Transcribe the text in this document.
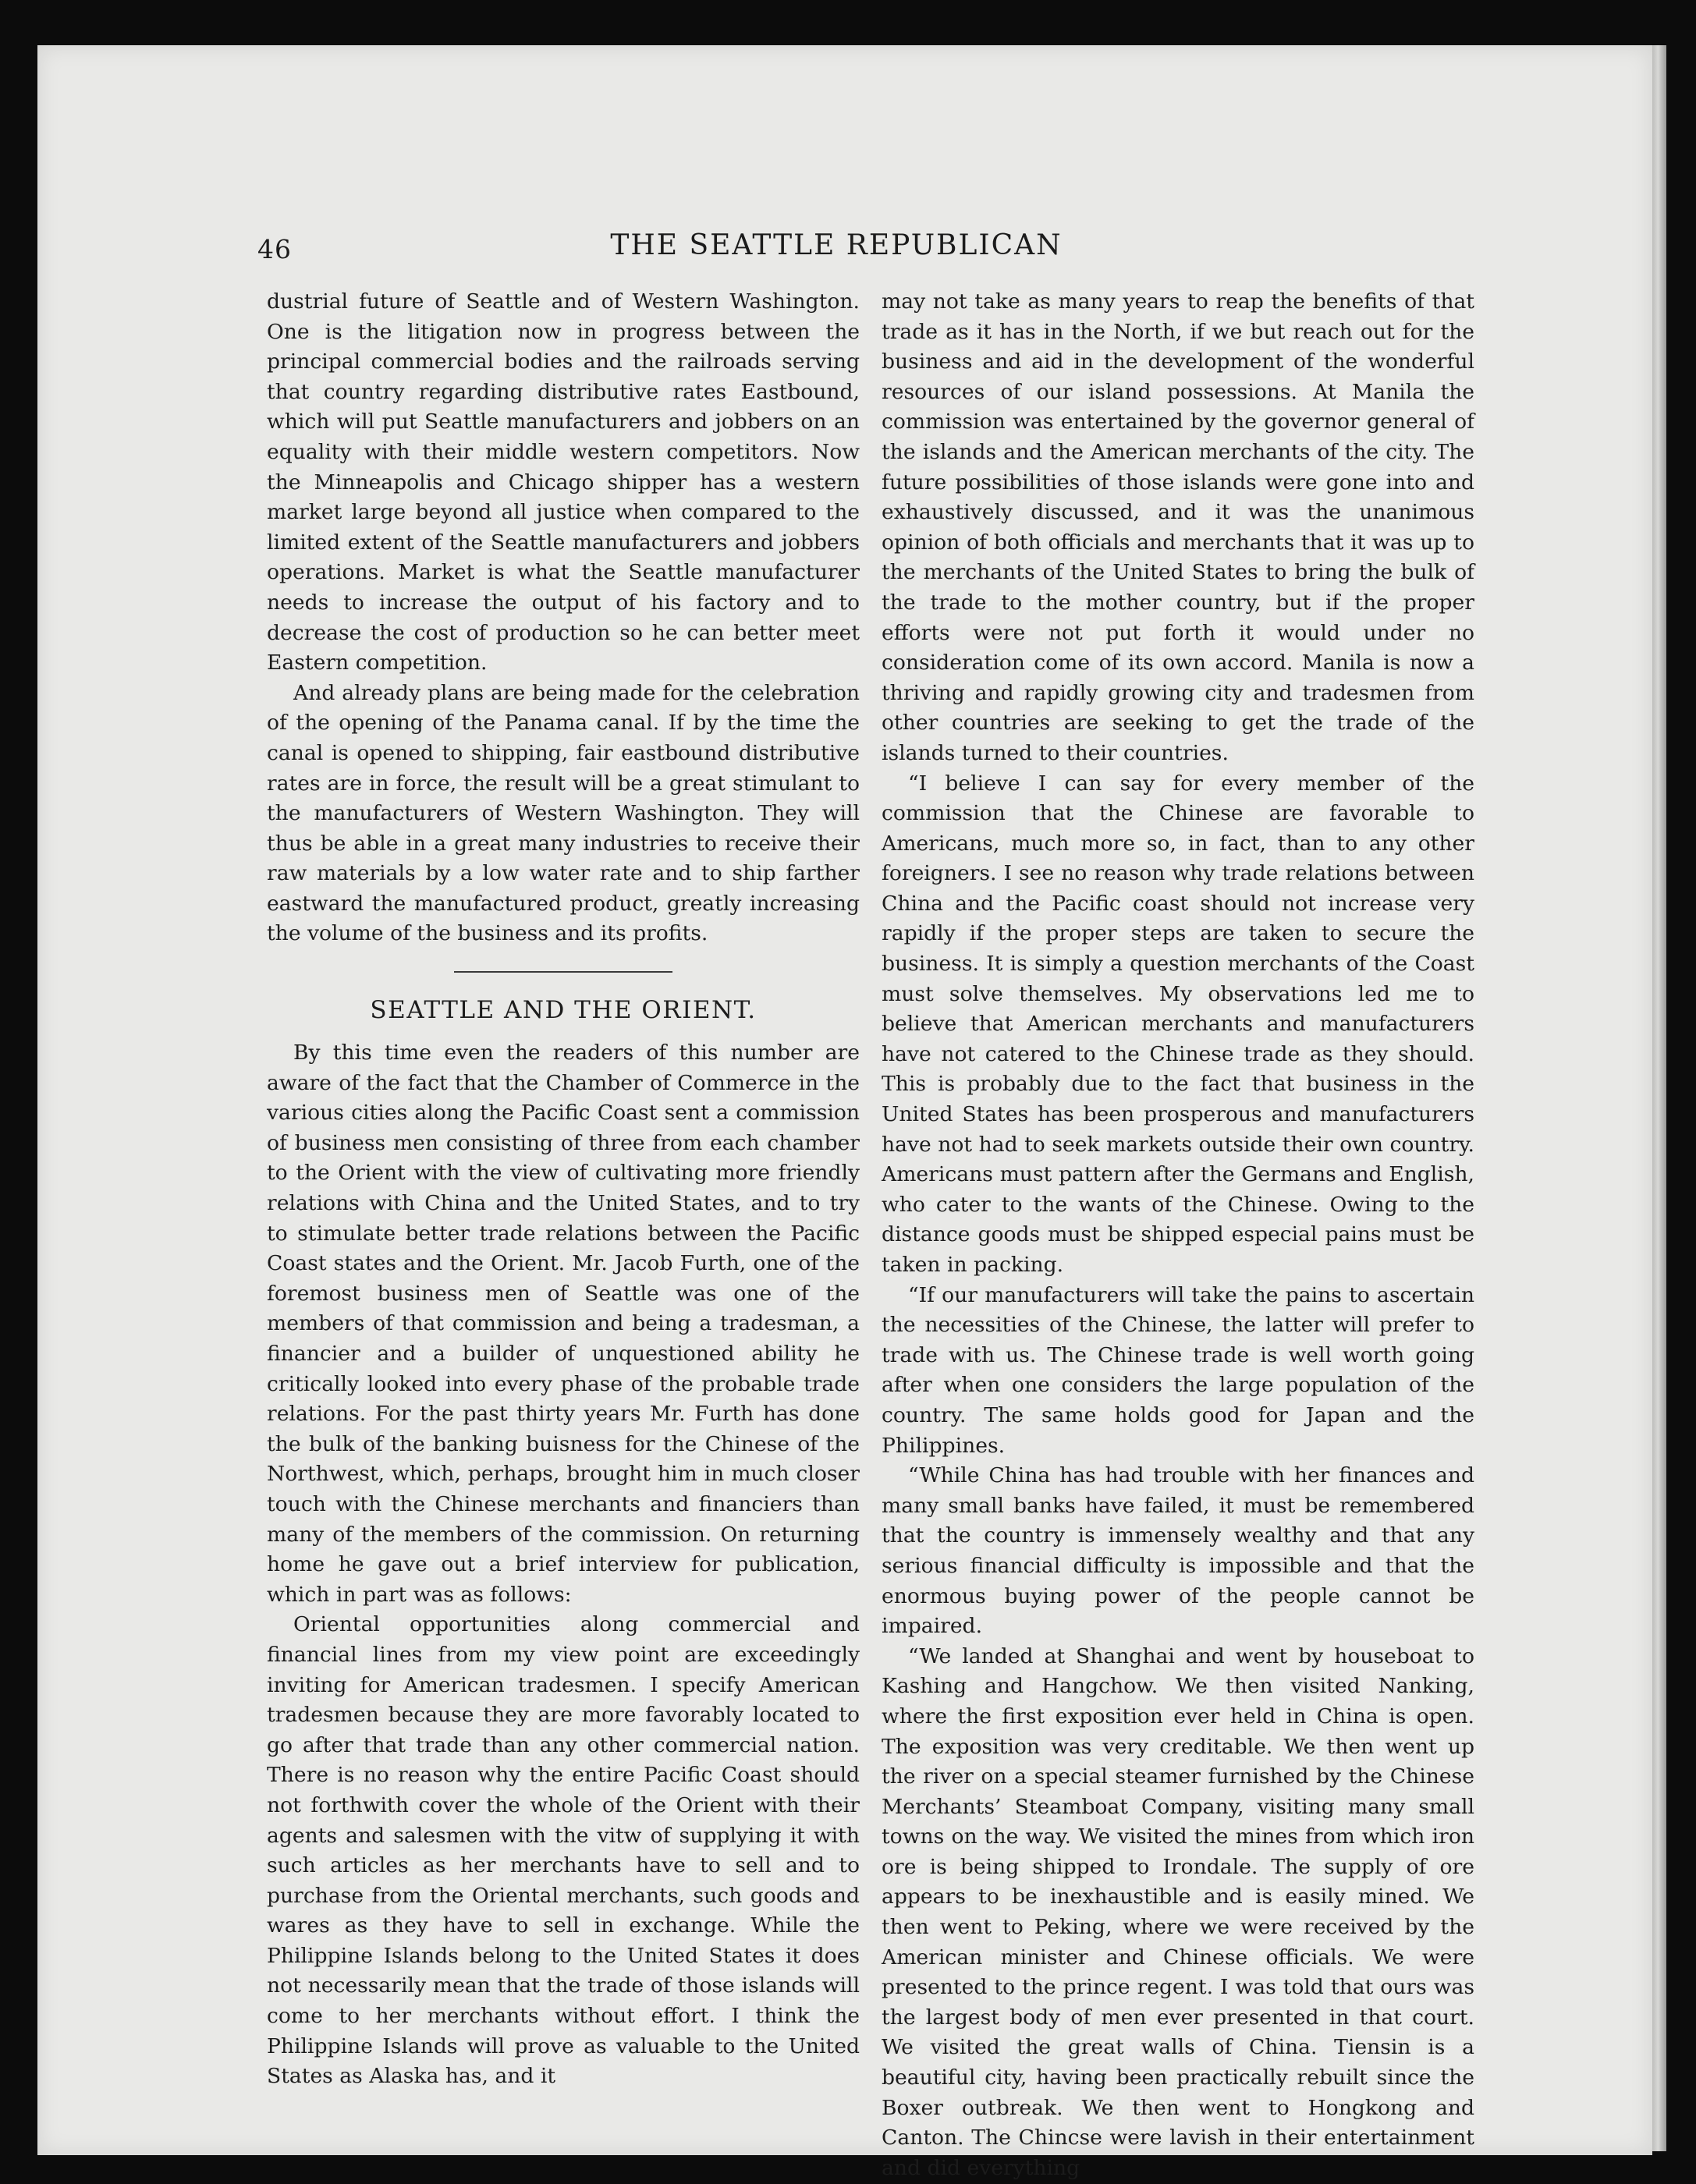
46	THE SEATTLE REPUBLICAN

dustrial future of Seattle and of Western Washington. One is the litigation now in progress between the principal commercial bodies and the railroads serving that country regarding distributive rates Eastbound, which will put Seattle manufacturers and jobbers on an equality with their middle western competitors. Now the Minneapolis and Chicago shipper has a western market large beyond all justice when compared to the limited extent of the Seattle manufacturers and jobbers operations. Market is what the Seattle manufacturer needs to increase the output of his factory and to decrease the cost of production so he can better meet Eastern competition.

And already plans are being made for the celebration of the opening of the Panama canal. If by the time the canal is opened to shipping, fair eastbound distributive rates are in force, the result will be a great stimulant to the manufacturers of Western Washington. They will thus be able in a great many industries to receive their raw materials by a low water rate and to ship farther eastward the manufactured product, greatly increasing the volume of the business and its profits.

SEATTLE AND THE ORIENT.

By this time even the readers of this number are aware of the fact that the Chamber of Commerce in the various cities along the Pacific Coast sent a commission of business men consisting of three from each chamber to the Orient with the view of cultivating more friendly relations with China and the United States, and to try to stimulate better trade relations between the Pacific Coast states and the Orient. Mr. Jacob Furth, one of the foremost business men of Seattle was one of the members of that commission and being a tradesman, a financier and a builder of unquestioned ability he critically looked into every phase of the probable trade relations. For the past thirty years Mr. Furth has done the bulk of the banking buisness for the Chinese of the Northwest, which, perhaps, brought him in much closer touch with the Chinese merchants and financiers than many of the members of the commission. On returning home he gave out a brief interview for publication, which in part was as follows:

Oriental opportunities along commercial and financial lines from my view point are exceedingly inviting for American tradesmen. I specify American tradesmen because they are more favorably located to go after that trade than any other commercial nation. There is no reason why the entire Pacific Coast should not forthwith cover the whole of the Orient with their agents and salesmen with the vitw of supplying it with such articles as her merchants have to sell and to purchase from the Oriental merchants, such goods and wares as they have to sell in exchange. While the Philippine Islands belong to the United States it does not necessarily mean that the trade of those islands will come to her merchants without effort. I think the Philippine Islands will prove as valuable to the United States as Alaska has, and it

may not take as many years to reap the benefits of that trade as it has in the North, if we but reach out for the business and aid in the development of the wonderful resources of our island possessions. At Manila the commission was entertained by the governor general of the islands and the American merchants of the city. The future possibilities of those islands were gone into and exhaustively discussed, and it was the unanimous opinion of both officials and merchants that it was up to the merchants of the United States to bring the bulk of the trade to the mother country, but if the proper efforts were not put forth it would under no consideration come of its own accord. Manila is now a thriving and rapidly growing city and tradesmen from other countries are seeking to get the trade of the islands turned to their countries.

“I believe I can say for every member of the commission that the Chinese are favorable to Americans, much more so, in fact, than to any other foreigners. I see no reason why trade relations between China and the Pacific coast should not increase very rapidly if the proper steps are taken to secure the business. It is simply a question merchants of the Coast must solve themselves. My observations led me to believe that American merchants and manufacturers have not catered to the Chinese trade as they should. This is probably due to the fact that business in the United States has been prosperous and manufacturers have not had to seek markets outside their own country. Americans must pattern after the Germans and English, who cater to the wants of the Chinese. Owing to the distance goods must be shipped especial pains must be taken in packing.

“If our manufacturers will take the pains to ascertain the necessities of the Chinese, the latter will prefer to trade with us. The Chinese trade is well worth going after when one considers the large population of the country. The same holds good for Japan and the Philippines.

“While China has had trouble with her finances and many small banks have failed, it must be remembered that the country is immensely wealthy and that any serious financial difficulty is impossible and that the enormous buying power of the people cannot be impaired.

“We landed at Shanghai and went by houseboat to Kashing and Hangchow. We then visited Nanking, where the first exposition ever held in China is open. The exposition was very creditable. We then went up the river on a special steamer furnished by the Chinese Merchants’ Steamboat Company, visiting many small towns on the way. We visited the mines from which iron ore is being shipped to Irondale. The supply of ore appears to be inexhaustible and is easily mined. We then went to Peking, where we were received by the American minister and Chinese officials. We were presented to the prince regent. I was told that ours was the largest body of men ever presented in that court. We visited the great walls of China. Tiensin is a beautiful city, having been practically rebuilt since the Boxer outbreak. We then went to Hongkong and Canton. The Chincse were lavish in their entertainment and did everything
